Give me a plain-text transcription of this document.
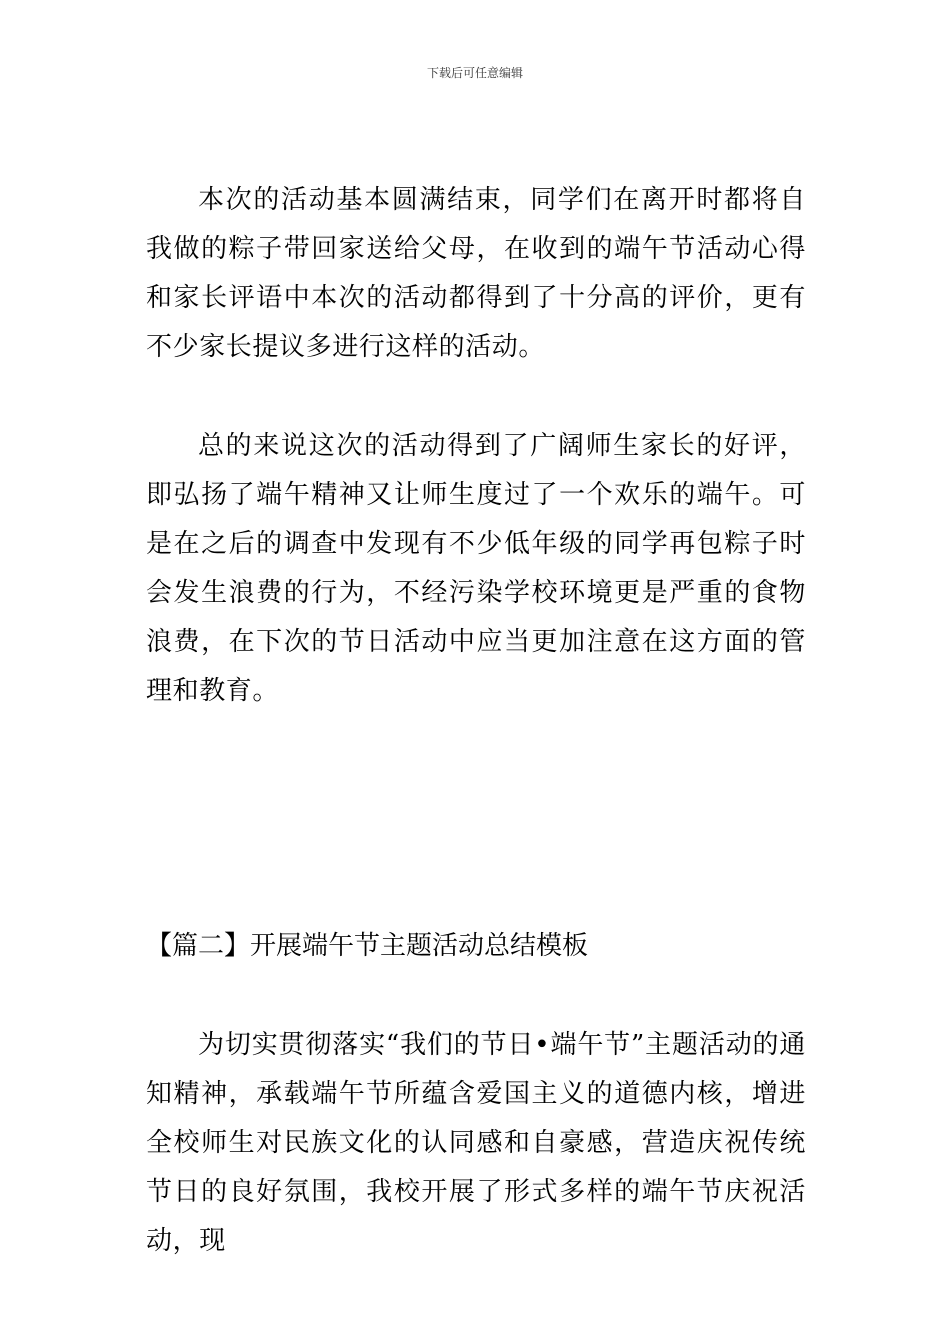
下载后可任意编辑

本次的活动基本圆满结束，同学们在离开时都将自我做的粽子带回家送给父母，在收到的端午节活动心得和家长评语中本次的活动都得到了十分高的评价，更有不少家长提议多进行这样的活动。

总的来说这次的活动得到了广阔师生家长的好评，即弘扬了端午精神又让师生度过了一个欢乐的端午。可是在之后的调查中发现有不少低年级的同学再包粽子时会发生浪费的行为，不经污染学校环境更是严重的食物浪费，在下次的节日活动中应当更加注意在这方面的管理和教育。

【篇二】开展端午节主题活动总结模板

为切实贯彻落实“我们的节日•端午节”主题活动的通知精神，承载端午节所蕴含爱国主义的道德内核，增进全校师生对民族文化的认同感和自豪感，营造庆祝传统节日的良好氛围，我校开展了形式多样的端午节庆祝活动，现
